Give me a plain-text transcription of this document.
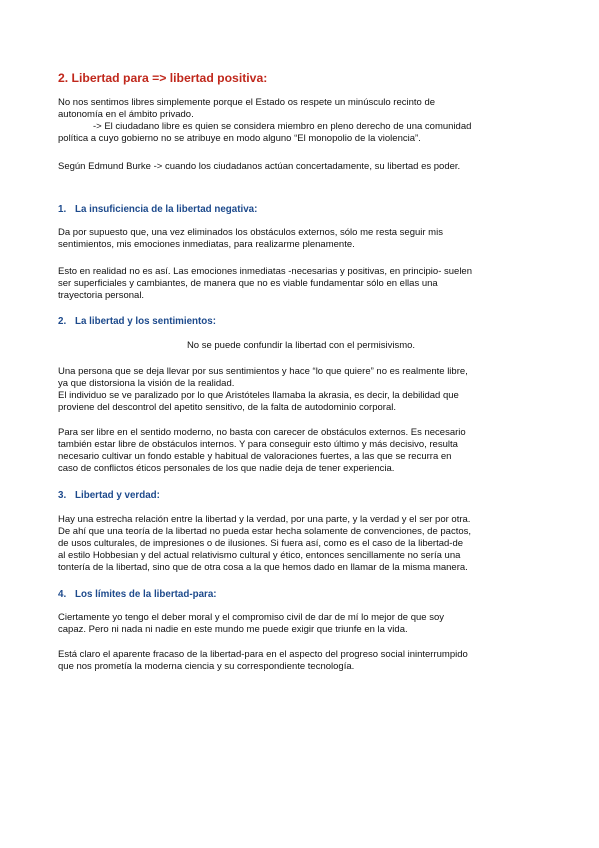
2. Libertad para => libertad positiva:
No nos sentimos libres simplemente porque el Estado os respete un minúsculo recinto de
autonomía en el ámbito privado.
-> El ciudadano libre es quien se considera miembro en pleno derecho de una comunidad
política a cuyo gobierno no se atribuye en modo alguno “El monopolio de la violencia”.
Según Edmund Burke -> cuando los ciudadanos actúan concertadamente, su libertad es poder.
1. La insuficiencia de la libertad negativa:
Da por supuesto que, una vez eliminados los obstáculos externos, sólo me resta seguir mis
sentimientos, mis emociones inmediatas, para realizarme plenamente.
Esto en realidad no es así. Las emociones inmediatas -necesarias y positivas, en principio- suelen
ser superficiales y cambiantes, de manera que no es viable fundamentar sólo en ellas una
trayectoria personal.
2. La libertad y los sentimientos:
No se puede confundir la libertad con el permisivismo.
Una persona que se deja llevar por sus sentimientos y hace “lo que quiere” no es realmente libre,
ya que distorsiona la visión de la realidad.
El individuo se ve paralizado por lo que Aristóteles llamaba la akrasia, es decir, la debilidad que
proviene del descontrol del apetito sensitivo, de la falta de autodominio corporal.
Para ser libre en el sentido moderno, no basta con carecer de obstáculos externos. Es necesario
también estar libre de obstáculos internos. Y para conseguir esto último y más decisivo, resulta
necesario cultivar un fondo estable y habitual de valoraciones fuertes, a las que se recurra en
caso de conflictos éticos personales de los que nadie deja de tener experiencia.
3. Libertad y verdad:
Hay una estrecha relación entre la libertad y la verdad, por una parte, y la verdad y el ser por otra.
De ahí que una teoría de la libertad no pueda estar hecha solamente de convenciones, de pactos,
de usos culturales, de impresiones o de ilusiones. Si fuera así, como es el caso de la libertad-de
al estilo Hobbesian y del actual relativismo cultural y ético, entonces sencillamente no sería una
tontería de la libertad, sino que de otra cosa a la que hemos dado en llamar de la misma manera.
4. Los límites de la libertad-para:
Ciertamente yo tengo el deber moral y el compromiso civil de dar de mí lo mejor de que soy
capaz. Pero ni nada ni nadie en este mundo me puede exigir que triunfe en la vida.
Está claro el aparente fracaso de la libertad-para en el aspecto del progreso social ininterrumpido
que nos prometía la moderna ciencia y su correspondiente tecnología.
